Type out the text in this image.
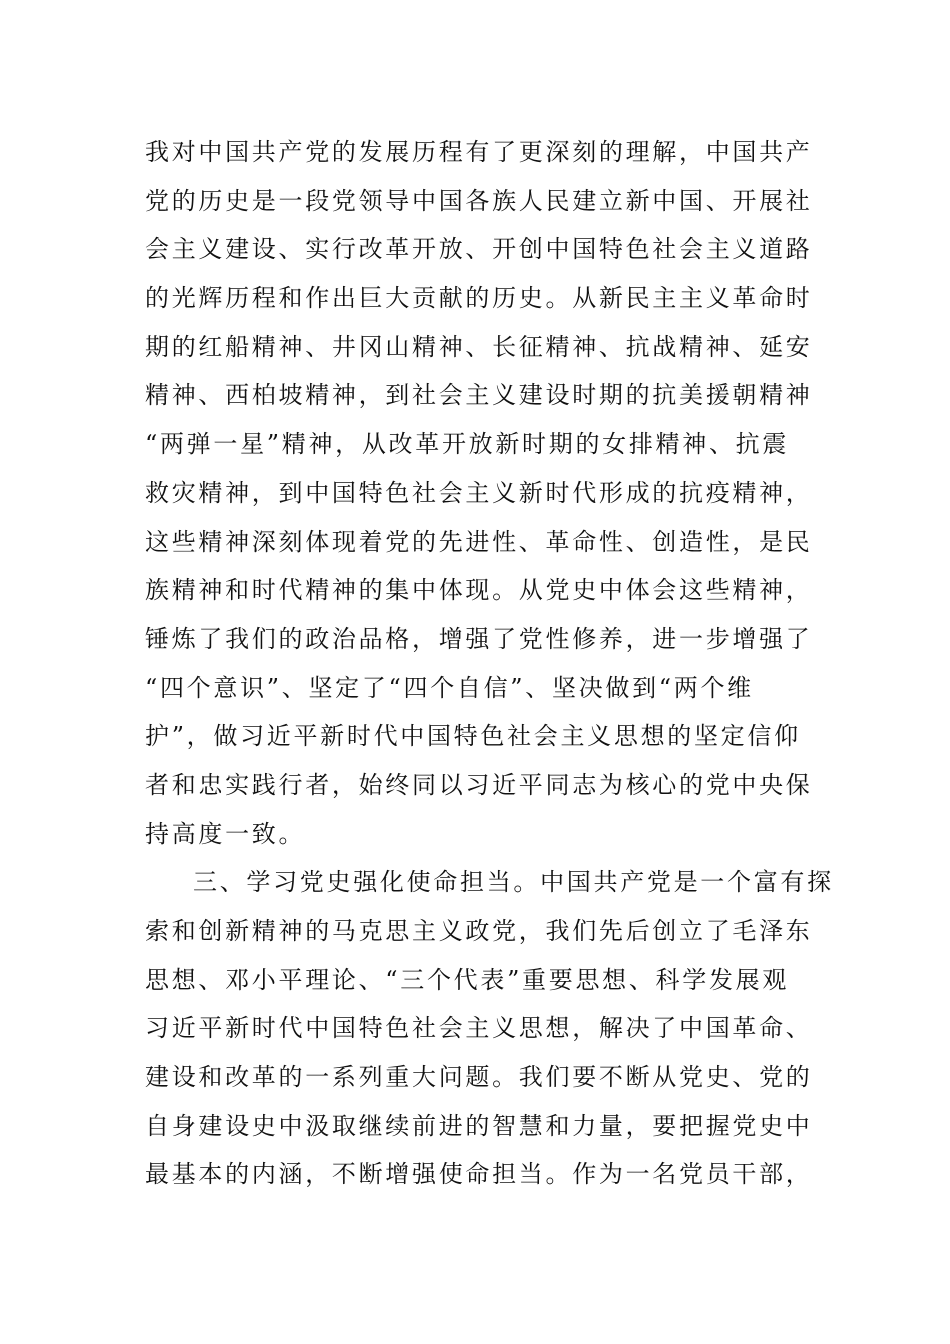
我对中国共产党的发展历程有了更深刻的理解，中国共产
党的历史是一段党领导中国各族人民建立新中国、开展社
会主义建设、实行改革开放、开创中国特色社会主义道路
的光辉历程和作出巨大贡献的历史。从新民主主义革命时
期的红船精神、井冈山精神、长征精神、抗战精神、延安
精神、西柏坡精神，到社会主义建设时期的抗美援朝精神
“两弹一星”精神，从改革开放新时期的女排精神、抗震
救灾精神，到中国特色社会主义新时代形成的抗疫精神，
这些精神深刻体现着党的先进性、革命性、创造性，是民
族精神和时代精神的集中体现。从党史中体会这些精神，
锤炼了我们的政治品格，增强了党性修养，进一步增强了
“四个意识”、坚定了“四个自信”、坚决做到“两个维
护”，做习近平新时代中国特色社会主义思想的坚定信仰
者和忠实践行者，始终同以习近平同志为核心的党中央保
持高度一致。
三、学习党史强化使命担当。中国共产党是一个富有探
索和创新精神的马克思主义政党，我们先后创立了毛泽东
思想、邓小平理论、“三个代表”重要思想、科学发展观
习近平新时代中国特色社会主义思想，解决了中国革命、
建设和改革的一系列重大问题。我们要不断从党史、党的
自身建设史中汲取继续前进的智慧和力量，要把握党史中
最基本的内涵，不断增强使命担当。作为一名党员干部，
